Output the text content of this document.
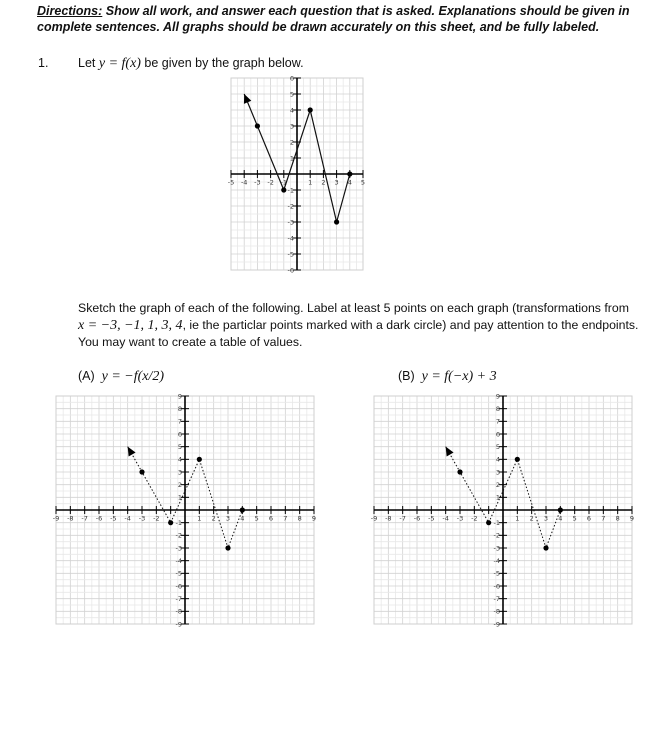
Directions: Show all work, and answer each question that is asked. Explanations should be given in complete sentences. All graphs should be drawn accurately on this sheet, and be fully labeled.
1. Let y = f(x) be given by the graph below.
-5 -4 -3 -2 -1	1 2 3 4 5
-6
-5
-4
-3
-2
-1
1
2
3
4
5
6
Sketch the graph of each of the following. Label at least 5 points on each graph (transformations from
x = −3, −1, 1, 3, 4, ie the particlar points marked with a dark circle) and pay attention to the endpoints.
You may want to create a table of values.
(A) y = −f(x/2)	(B) y = f(−x) + 3
-9 -8 -7 -6 -5 -4 -3 -2	1 2 3 4 5 6 7 8 9
-9
-8
-7
-6
-5
-4
-3
-2
-1
1
2
3
4
5
6
7
8
9
-9 -8 -7 -6 -5 -4 -3 -2	1 2 3 4 5 6 7 8 9
-9
-8
-7
-6
-5
-4
-3
-2
-1
1
2
3
4
5
6
7
8
9
